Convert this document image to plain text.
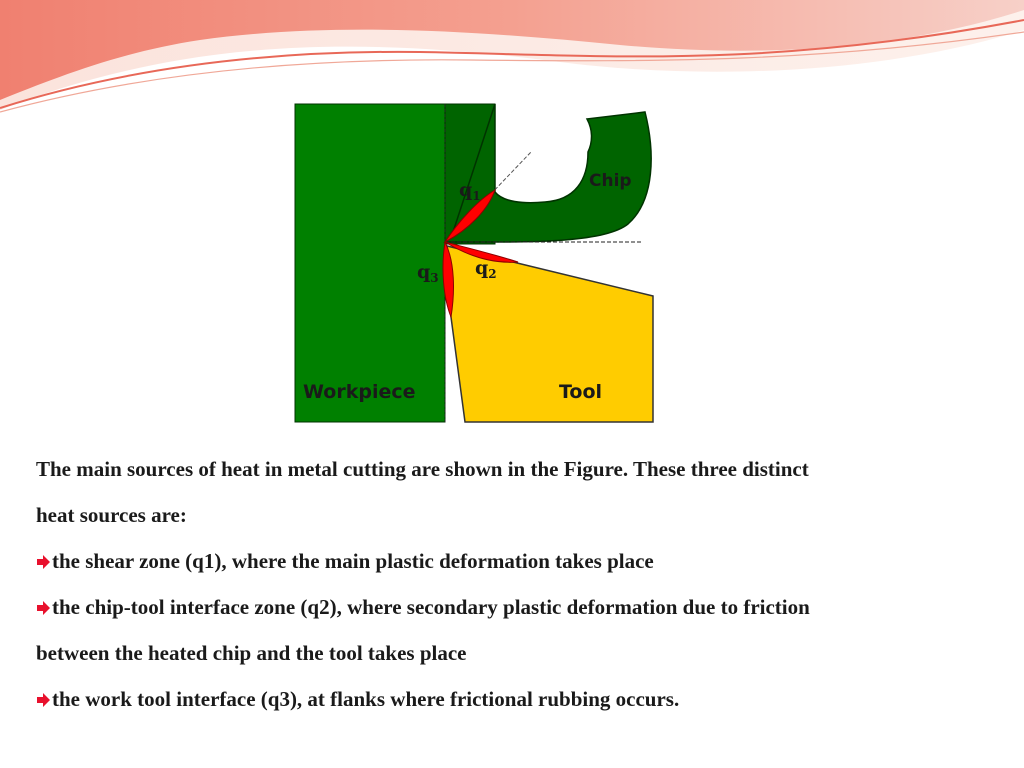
Chip
Workpiece	Tool
$q_1$
$q_2$
$q_3$
The main sources of heat in metal cutting are shown in the Figure. These three distinct
heat sources are:
the shear zone (q1), where the main plastic deformation takes place
the chip-tool interface zone (q2), where secondary plastic deformation due to friction
between the heated chip and the tool takes place
the work tool interface (q3), at flanks where frictional rubbing occurs.
